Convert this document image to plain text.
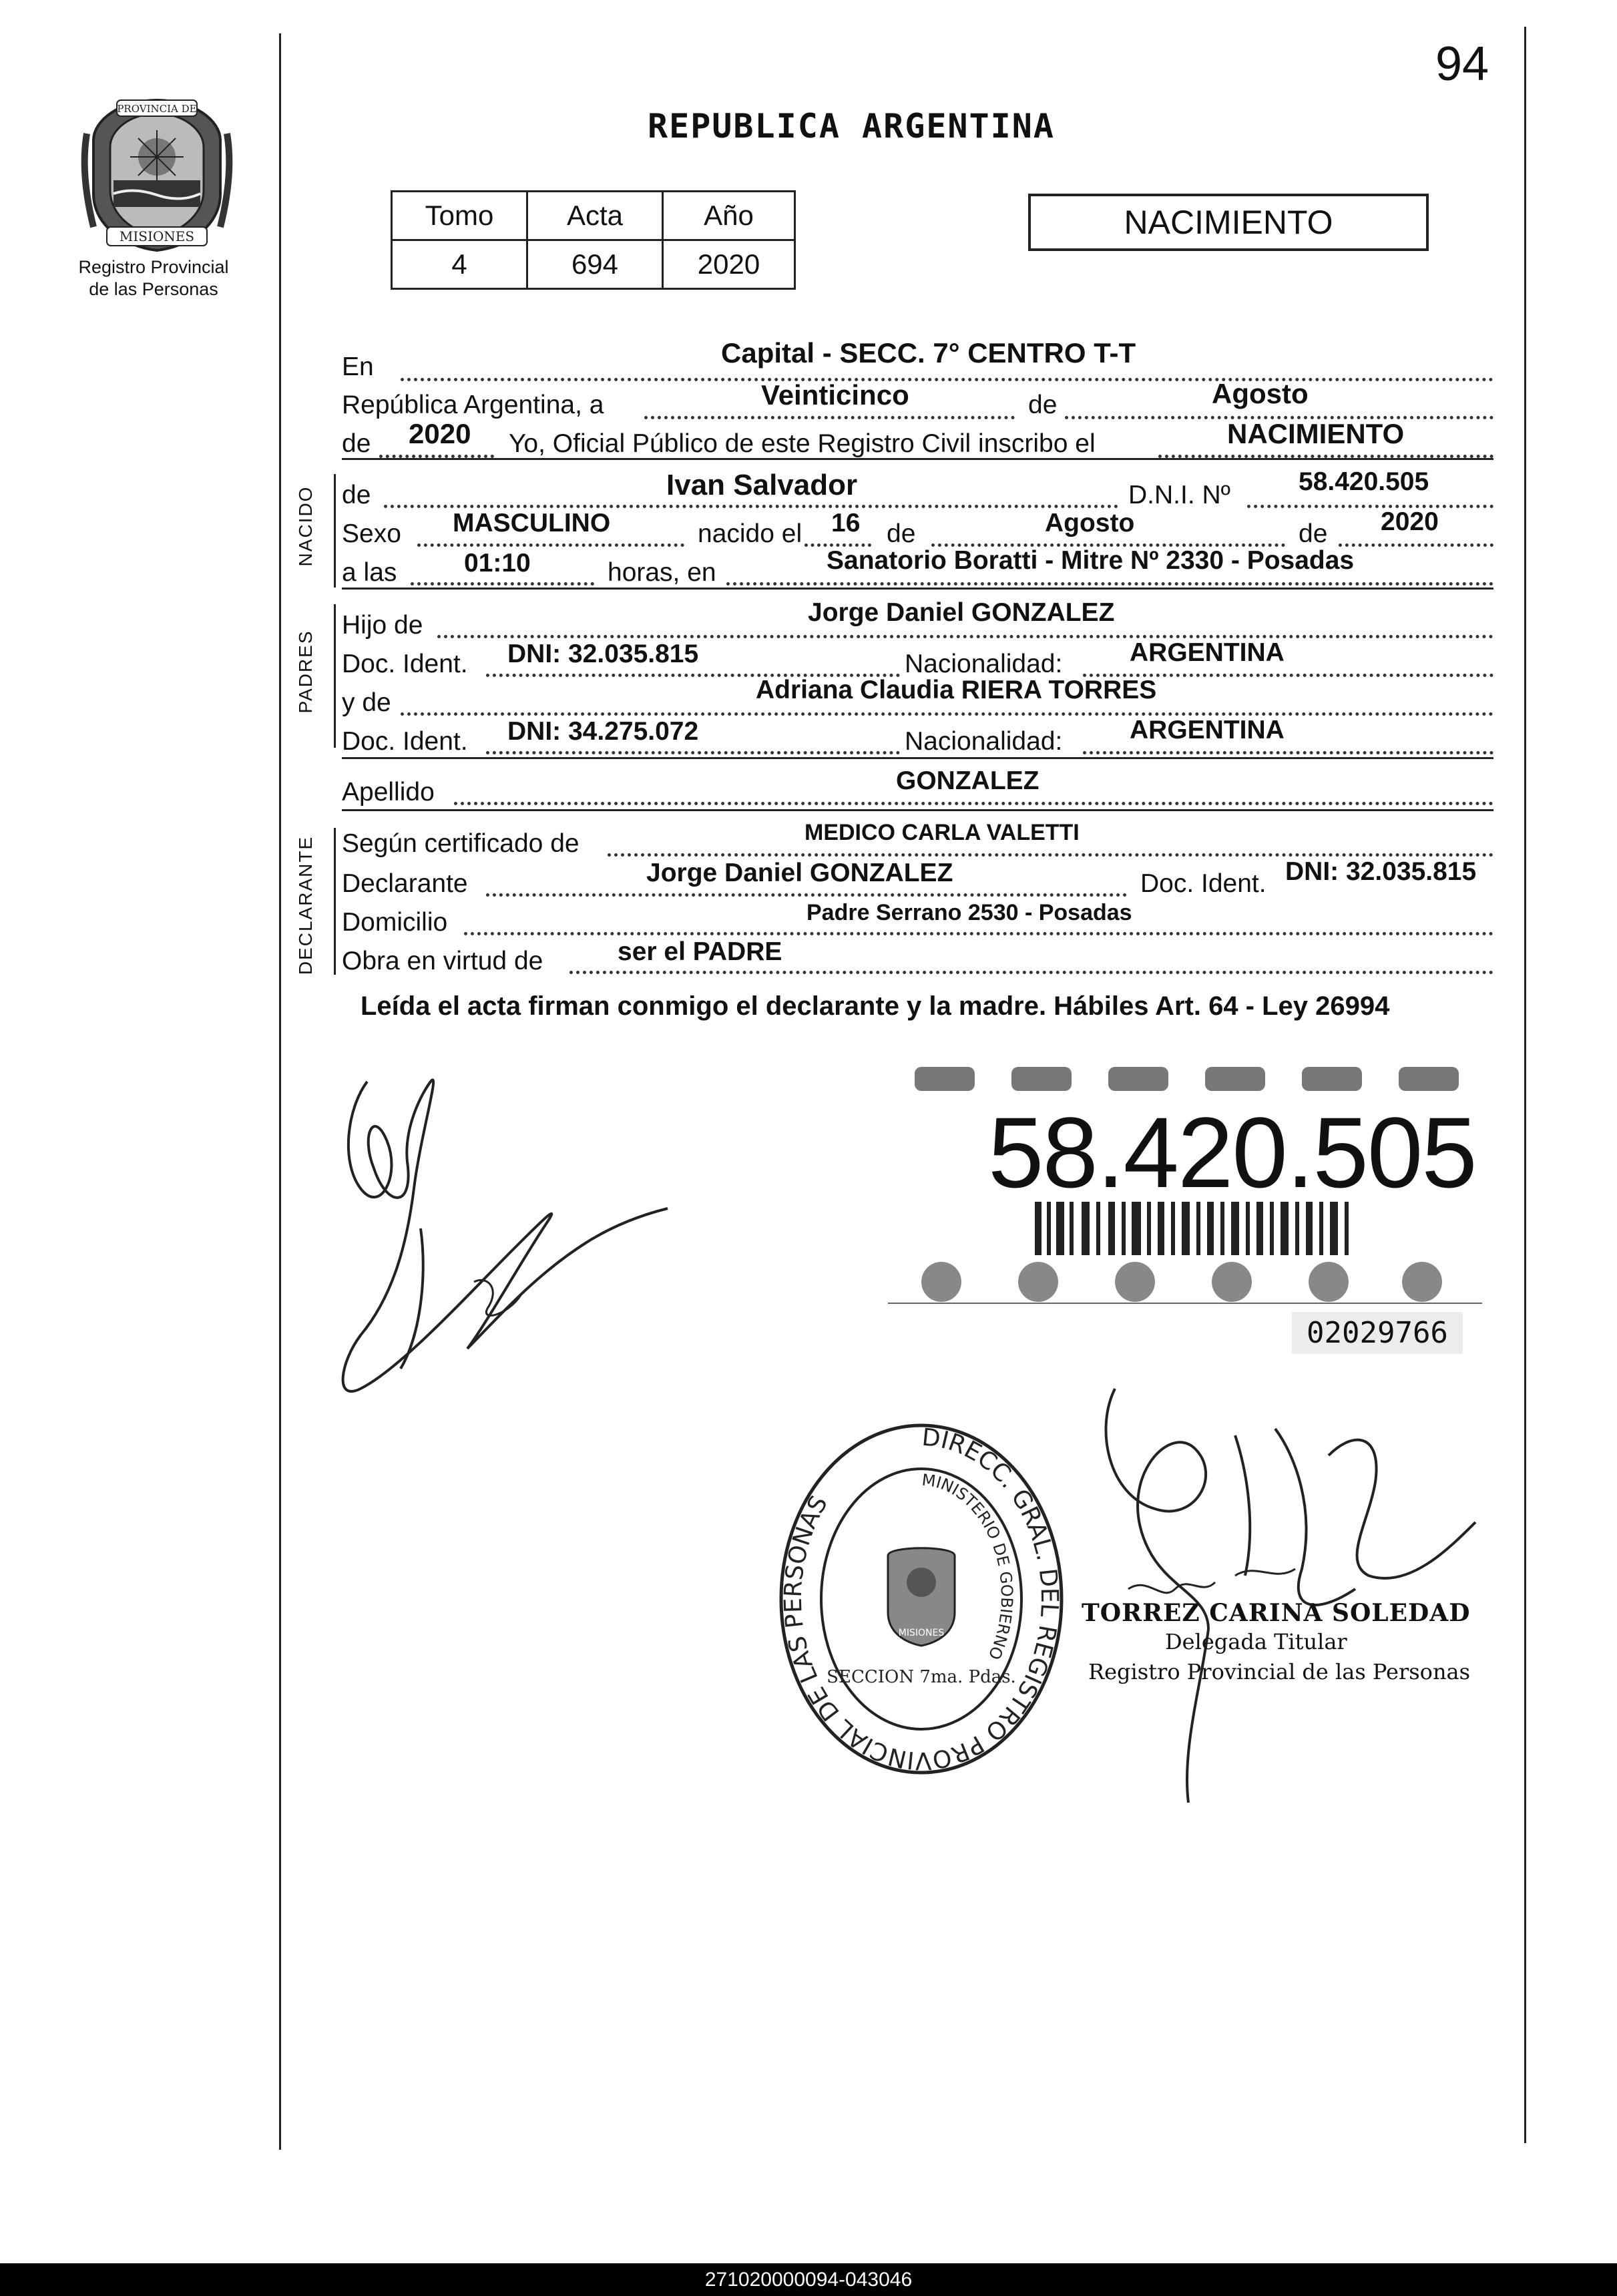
94
PROVINCIA DE
MISIONES
Registro Provincial
de las Personas
REPUBLICA ARGENTINA
Tomo	Acta	Año
4	694	2020
NACIMIENTO
En	Capital - SECC. 7° CENTRO T-T
República Argentina, a	Veinticinco	de	Agosto
de 2020 Yo, Oficial Público de este Registro Civil inscribo el	NACIMIENTO
NACIDO de	Ivan Salvador	D.N.I. Nº	58.420.505
Sexo MASCULINO	nacido el 16 de	Agosto	de 2020
a las	01:10	horas, en	Sanatorio Boratti - Mitre Nº 2330 - Posadas
PADRES
Hijo de	Jorge Daniel GONZALEZ
Doc. Ident. DNI: 32.035.815	Nacionalidad:	ARGENTINA
y de	Adriana Claudia RIERA TORRES
Doc. Ident. DNI: 34.275.072	Nacionalidad:	ARGENTINA
Apellido	GONZALEZ
DECLARANTE Según certificado de	MEDICO CARLA VALETTI
Declarante	Jorge Daniel GONZALEZ	Doc. Ident. DNI: 32.035.815
Domicilio	Padre Serrano 2530 - Posadas
Obra en virtud de	ser el PADRE
Leída el acta firman conmigo el declarante y la madre. Hábiles Art. 64 - Ley 26994
58.420.505
02029766
DIRECC. GRAL. DEL REGISTRO PROVINCIAL DE LAS PERSONAS
MINISTERIO DE GOBIERNO
MISIONES
SECCION 7ma. Pdas.
TORREZ CARINA SOLEDAD
Delegada Titular
Registro Provincial de las Personas
271020000094-043046
